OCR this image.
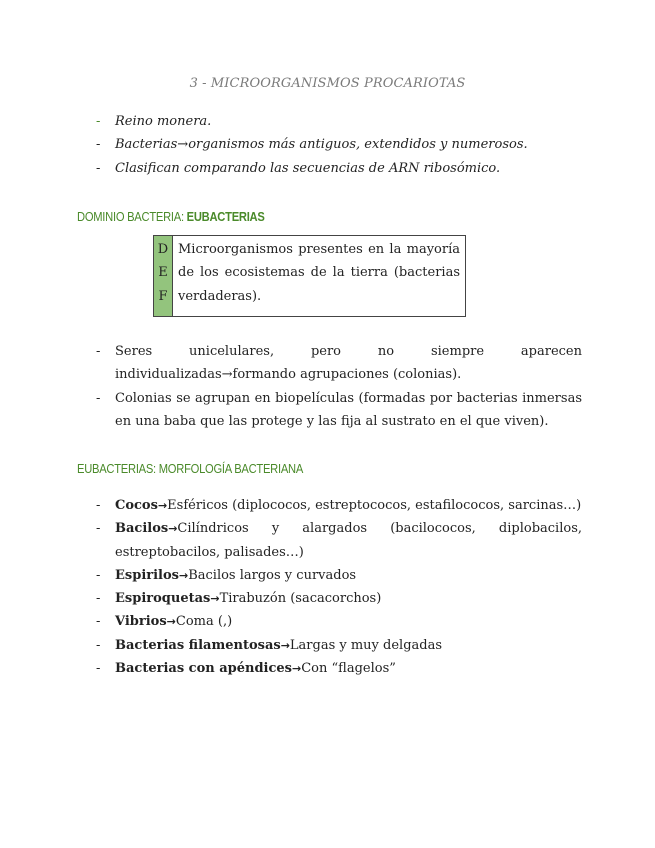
3 - MICROORGANISMOS PROCARIOTAS
- Reino monera.
- Bacterias→organismos más antiguos, extendidos y numerosos.
- Clasifican comparando las secuencias de ARN ribosómico.
DOMINIO BACTERIA: EUBACTERIAS
D
E
F
Microorganismos presentes en la mayoría de los ecosistemas de la tierra (bacterias verdaderas).
- Seres unicelulares, pero no siempre aparecen individualizadas→formando agrupaciones (colonias).
- Colonias se agrupan en biopelículas (formadas por bacterias inmersas en una baba que las protege y las fija al sustrato en el que viven).
EUBACTERIAS: MORFOLOGÍA BACTERIANA
- Cocos→Esféricos (diplococos, estreptococos, estafilococos, sarcinas…)
- Bacilos→Cilíndricos y alargados (bacilococos, diplobacilos, estreptobacilos, palisades…)
- Espirilos→Bacilos largos y curvados
- Espiroquetas→Tirabuzón (sacacorchos)
- Vibrios→Coma (,)
- Bacterias filamentosas→Largas y muy delgadas
- Bacterias con apéndices→Con “flagelos”
